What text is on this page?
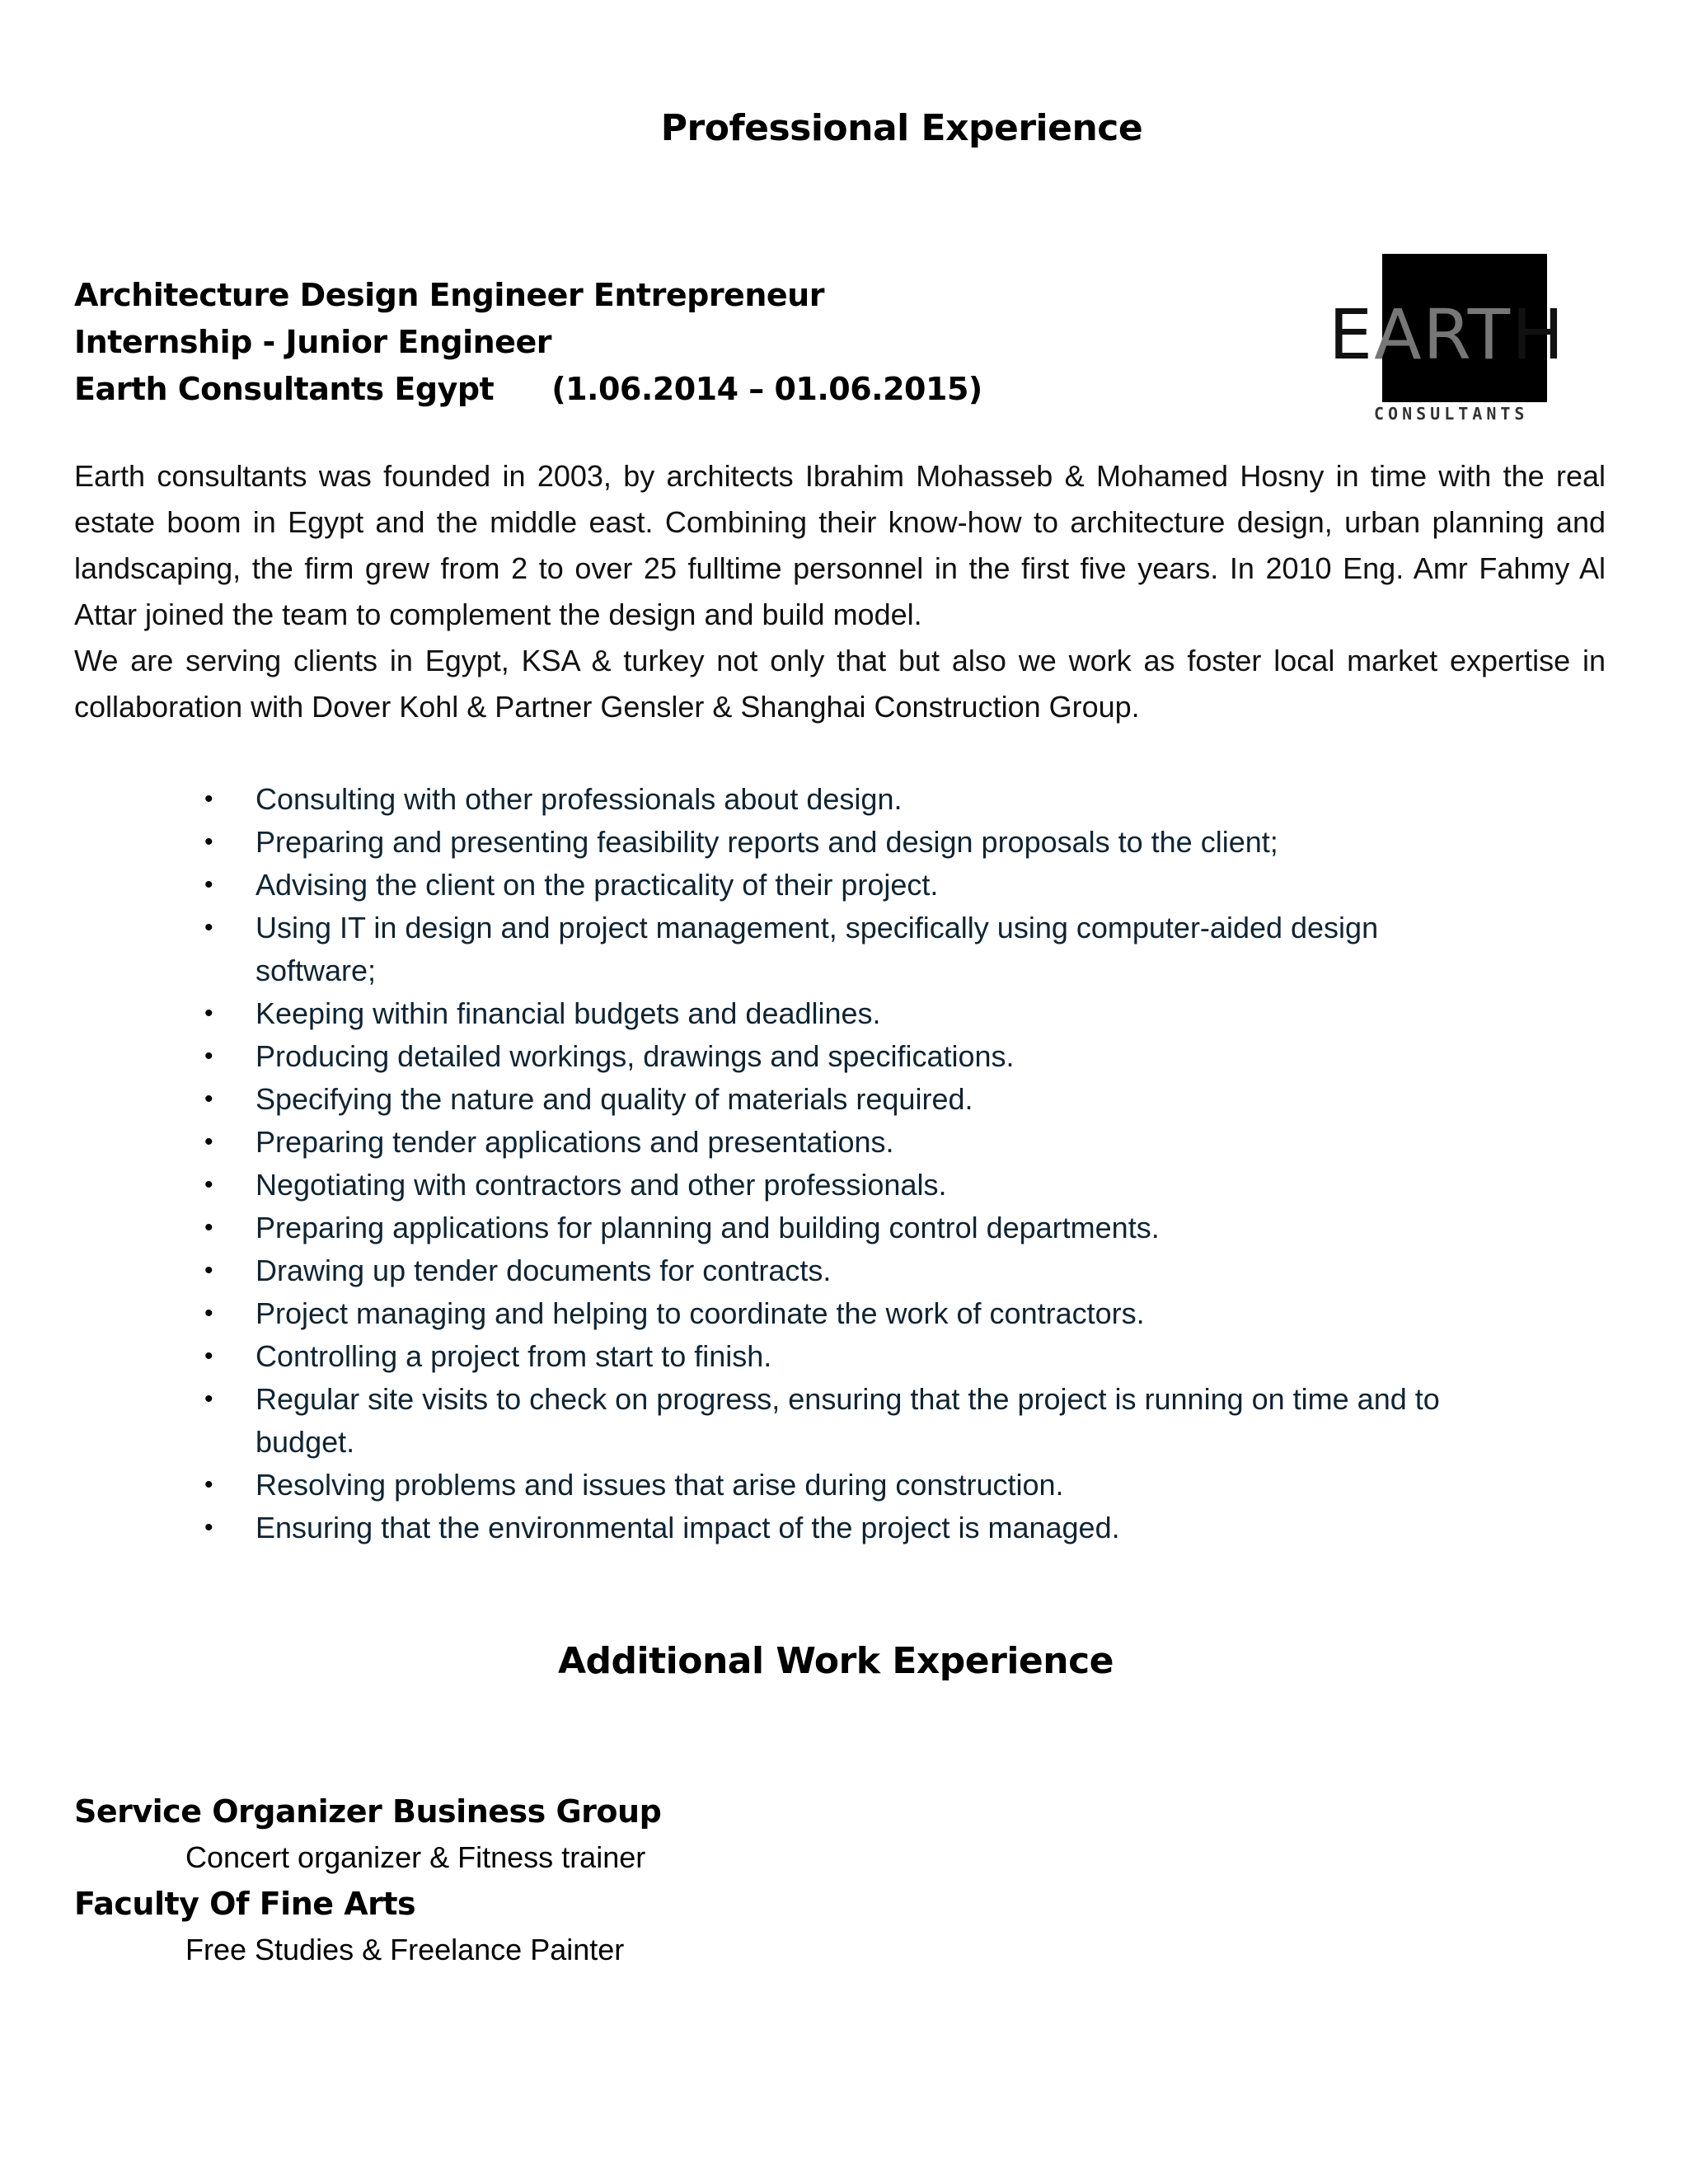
Professional Experience
Architecture Design Engineer Entrepreneur
Internship - Junior Engineer
Earth Consultants Egypt (1.06.2014 – 01.06.2015)
EARTH
CONSULTANTS

Earth consultants was founded in 2003, by architects Ibrahim Mohasseb & Mohamed Hosny in time with the real estate boom in Egypt and the middle east. Combining their know-how to architecture design, urban planning and landscaping, the firm grew from 2 to over 25 fulltime personnel in the first five years. In 2010 Eng. Amr Fahmy Al Attar joined the team to complement the design and build model.

We are serving clients in Egypt, KSA & turkey not only that but also we work as foster local market expertise in collaboration with Dover Kohl & Partner Gensler & Shanghai Construction Group.

• Consulting with other professionals about design.
• Preparing and presenting feasibility reports and design proposals to the client;
• Advising the client on the practicality of their project.
• Using IT in design and project management, specifically using computer-aided design software;
• Keeping within financial budgets and deadlines.
• Producing detailed workings, drawings and specifications.
• Specifying the nature and quality of materials required.
• Preparing tender applications and presentations.
• Negotiating with contractors and other professionals.
• Preparing applications for planning and building control departments.
• Drawing up tender documents for contracts.
• Project managing and helping to coordinate the work of contractors.
• Controlling a project from start to finish.
• Regular site visits to check on progress, ensuring that the project is running on time and to budget.
• Resolving problems and issues that arise during construction.
• Ensuring that the environmental impact of the project is managed.
Additional Work Experience
Service Organizer Business Group
Concert organizer & Fitness trainer
Faculty Of Fine Arts
Free Studies & Freelance Painter
